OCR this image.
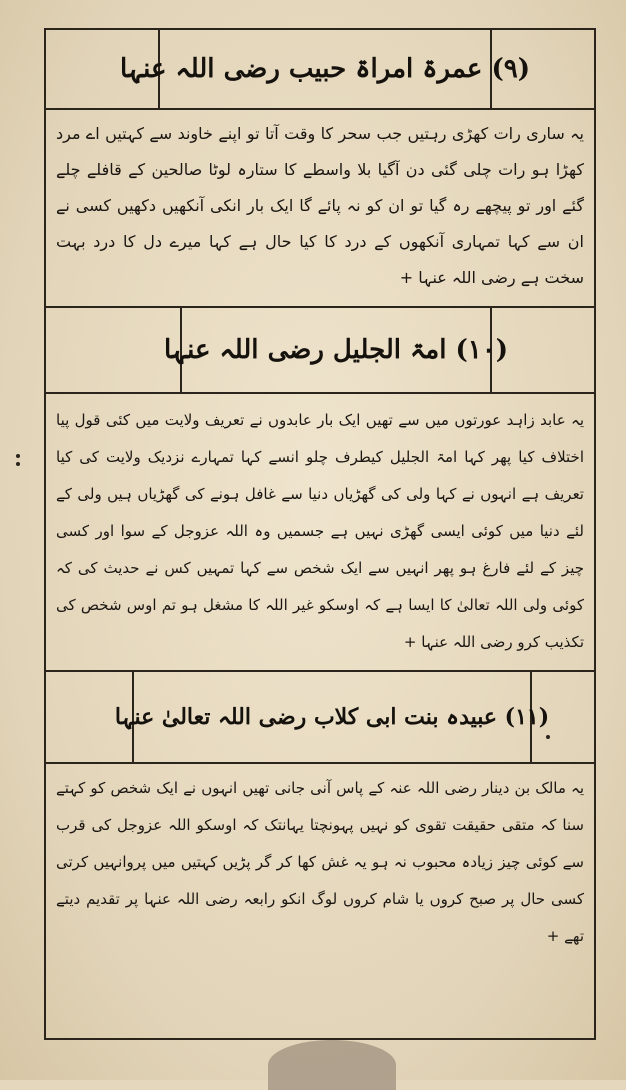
(۹) عمرۃ امراۃ حبیب رضی اللہ عنہا

یہ ساری رات کھڑی رہتیں جب سحر کا وقت آتا تو اپنے خاوند سے کہتیں اے مرد کھڑا ہو رات چلی گئی دن آگیا بلا واسطے کا ستارہ لوٹا صالحین کے قافلے چلے گئے اور تو پیچھے رہ گیا تو ان کو نہ پائے گا ایک بار انکی آنکھیں دکھیں کسی نے ان سے کہا تمہاری آنکھوں کے درد کا کیا حال ہے کہا میرے دل کا درد بہت سخت ہے رضی اللہ عنہا +

(۱۰) امۃ الجلیل رضی اللہ عنہا

یہ عابد زاہد عورتوں میں سے تھیں ایک بار عابدوں نے تعریف ولایت میں کئی قول پیا اختلاف کیا پھر کہا امۃ الجلیل کیطرف چلو انسے کہا تمہارے نزدیک ولایت کی کیا تعریف ہے انہوں نے کہا ولی کی گھڑیاں دنیا سے غافل ہونے کی گھڑیاں ہیں ولی کے لئے دنیا میں کوئی ایسی گھڑی نہیں ہے جسمیں وہ اللہ عزوجل کے سوا اور کسی چیز کے لئے فارغ ہو پھر انہیں سے ایک شخص سے کہا تمہیں کس نے حدیث کی کہ کوئی ولی اللہ تعالیٰ کا ایسا ہے کہ اوسکو غیر اللہ کا مشغل ہو تم اوس شخص کی تکذیب کرو رضی اللہ عنہا +

(۱۱) عبیدہ بنت ابی کلاب رضی اللہ تعالیٰ عنہا

یہ مالک بن دینار رضی اللہ عنہ کے پاس آنی جانی تھیں انہوں نے ایک شخص کو کہتے سنا کہ متقی حقیقت تقوی کو نہیں پہونچتا یہانتک کہ اوسکو اللہ عزوجل کی قرب سے کوئی چیز زیادہ محبوب نہ ہو یہ غش کھا کر گر پڑیں کہتیں میں پروانہیں کرتی کسی حال پر صبح کروں یا شام کروں لوگ انکو رابعہ رضی اللہ عنہا پر تقدیم دیتے تھے +
